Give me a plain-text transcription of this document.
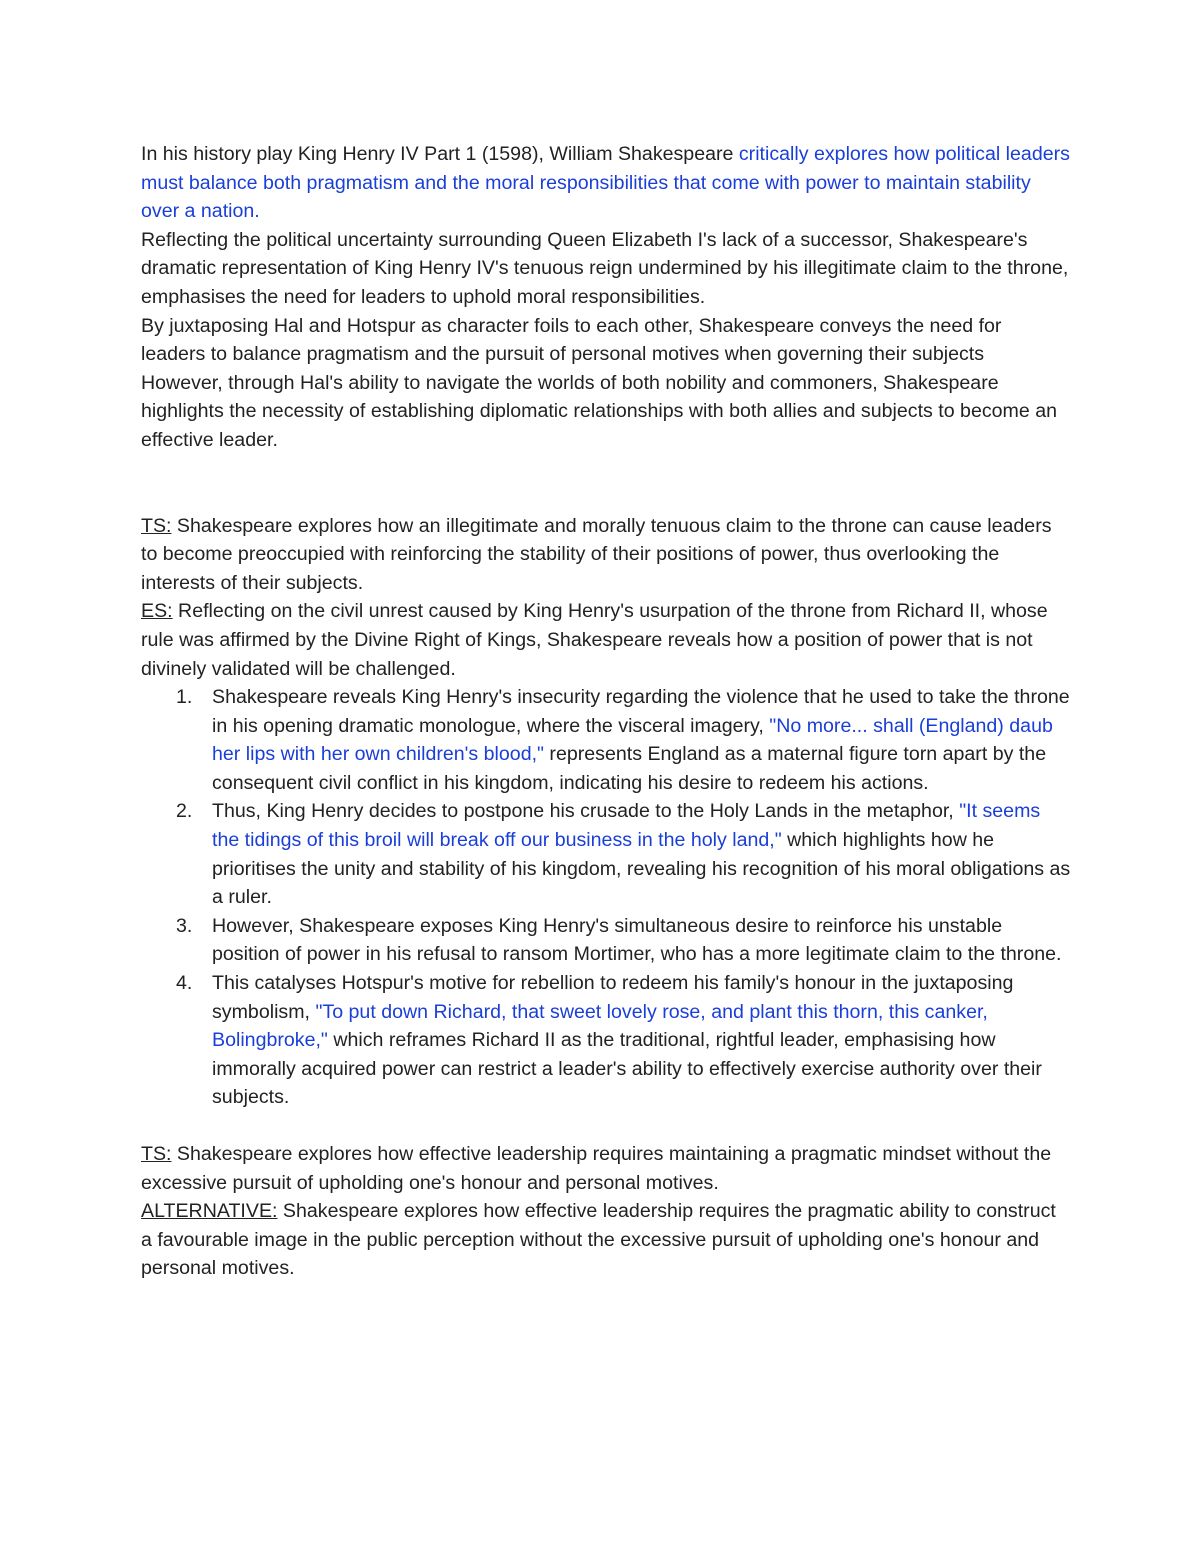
In his history play King Henry IV Part 1 (1598), William Shakespeare critically explores how political leaders must balance both pragmatism and the moral responsibilities that come with power to maintain stability over a nation.

Reflecting the political uncertainty surrounding Queen Elizabeth I's lack of a successor, Shakespeare's dramatic representation of King Henry IV's tenuous reign undermined by his illegitimate claim to the throne, emphasises the need for leaders to uphold moral responsibilities.

By juxtaposing Hal and Hotspur as character foils to each other, Shakespeare conveys the need for leaders to balance pragmatism and the pursuit of personal motives when governing their subjects However, through Hal's ability to navigate the worlds of both nobility and commoners, Shakespeare highlights the necessity of establishing diplomatic relationships with both allies and subjects to become an effective leader.

TS: Shakespeare explores how an illegitimate and morally tenuous claim to the throne can cause leaders to become preoccupied with reinforcing the stability of their positions of power, thus overlooking the interests of their subjects.

ES: Reflecting on the civil unrest caused by King Henry's usurpation of the throne from Richard II, whose rule was affirmed by the Divine Right of Kings, Shakespeare reveals how a position of power that is not divinely validated will be challenged.

1. Shakespeare reveals King Henry's insecurity regarding the violence that he used to take the throne in his opening dramatic monologue, where the visceral imagery, "No more... shall (England) daub her lips with her own children's blood," represents England as a maternal figure torn apart by the consequent civil conflict in his kingdom, indicating his desire to redeem his actions.
2. Thus, King Henry decides to postpone his crusade to the Holy Lands in the metaphor, "It seems the tidings of this broil will break off our business in the holy land," which highlights how he prioritises the unity and stability of his kingdom, revealing his recognition of his moral obligations as a ruler.
3. However, Shakespeare exposes King Henry's simultaneous desire to reinforce his unstable position of power in his refusal to ransom Mortimer, who has a more legitimate claim to the throne.
4. This catalyses Hotspur's motive for rebellion to redeem his family's honour in the juxtaposing symbolism, "To put down Richard, that sweet lovely rose, and plant this thorn, this canker, Bolingbroke," which reframes Richard II as the traditional, rightful leader, emphasising how immorally acquired power can restrict a leader's ability to effectively exercise authority over their subjects.

TS: Shakespeare explores how effective leadership requires maintaining a pragmatic mindset without the excessive pursuit of upholding one's honour and personal motives.

ALTERNATIVE: Shakespeare explores how effective leadership requires the pragmatic ability to construct a favourable image in the public perception without the excessive pursuit of upholding one's honour and personal motives.
